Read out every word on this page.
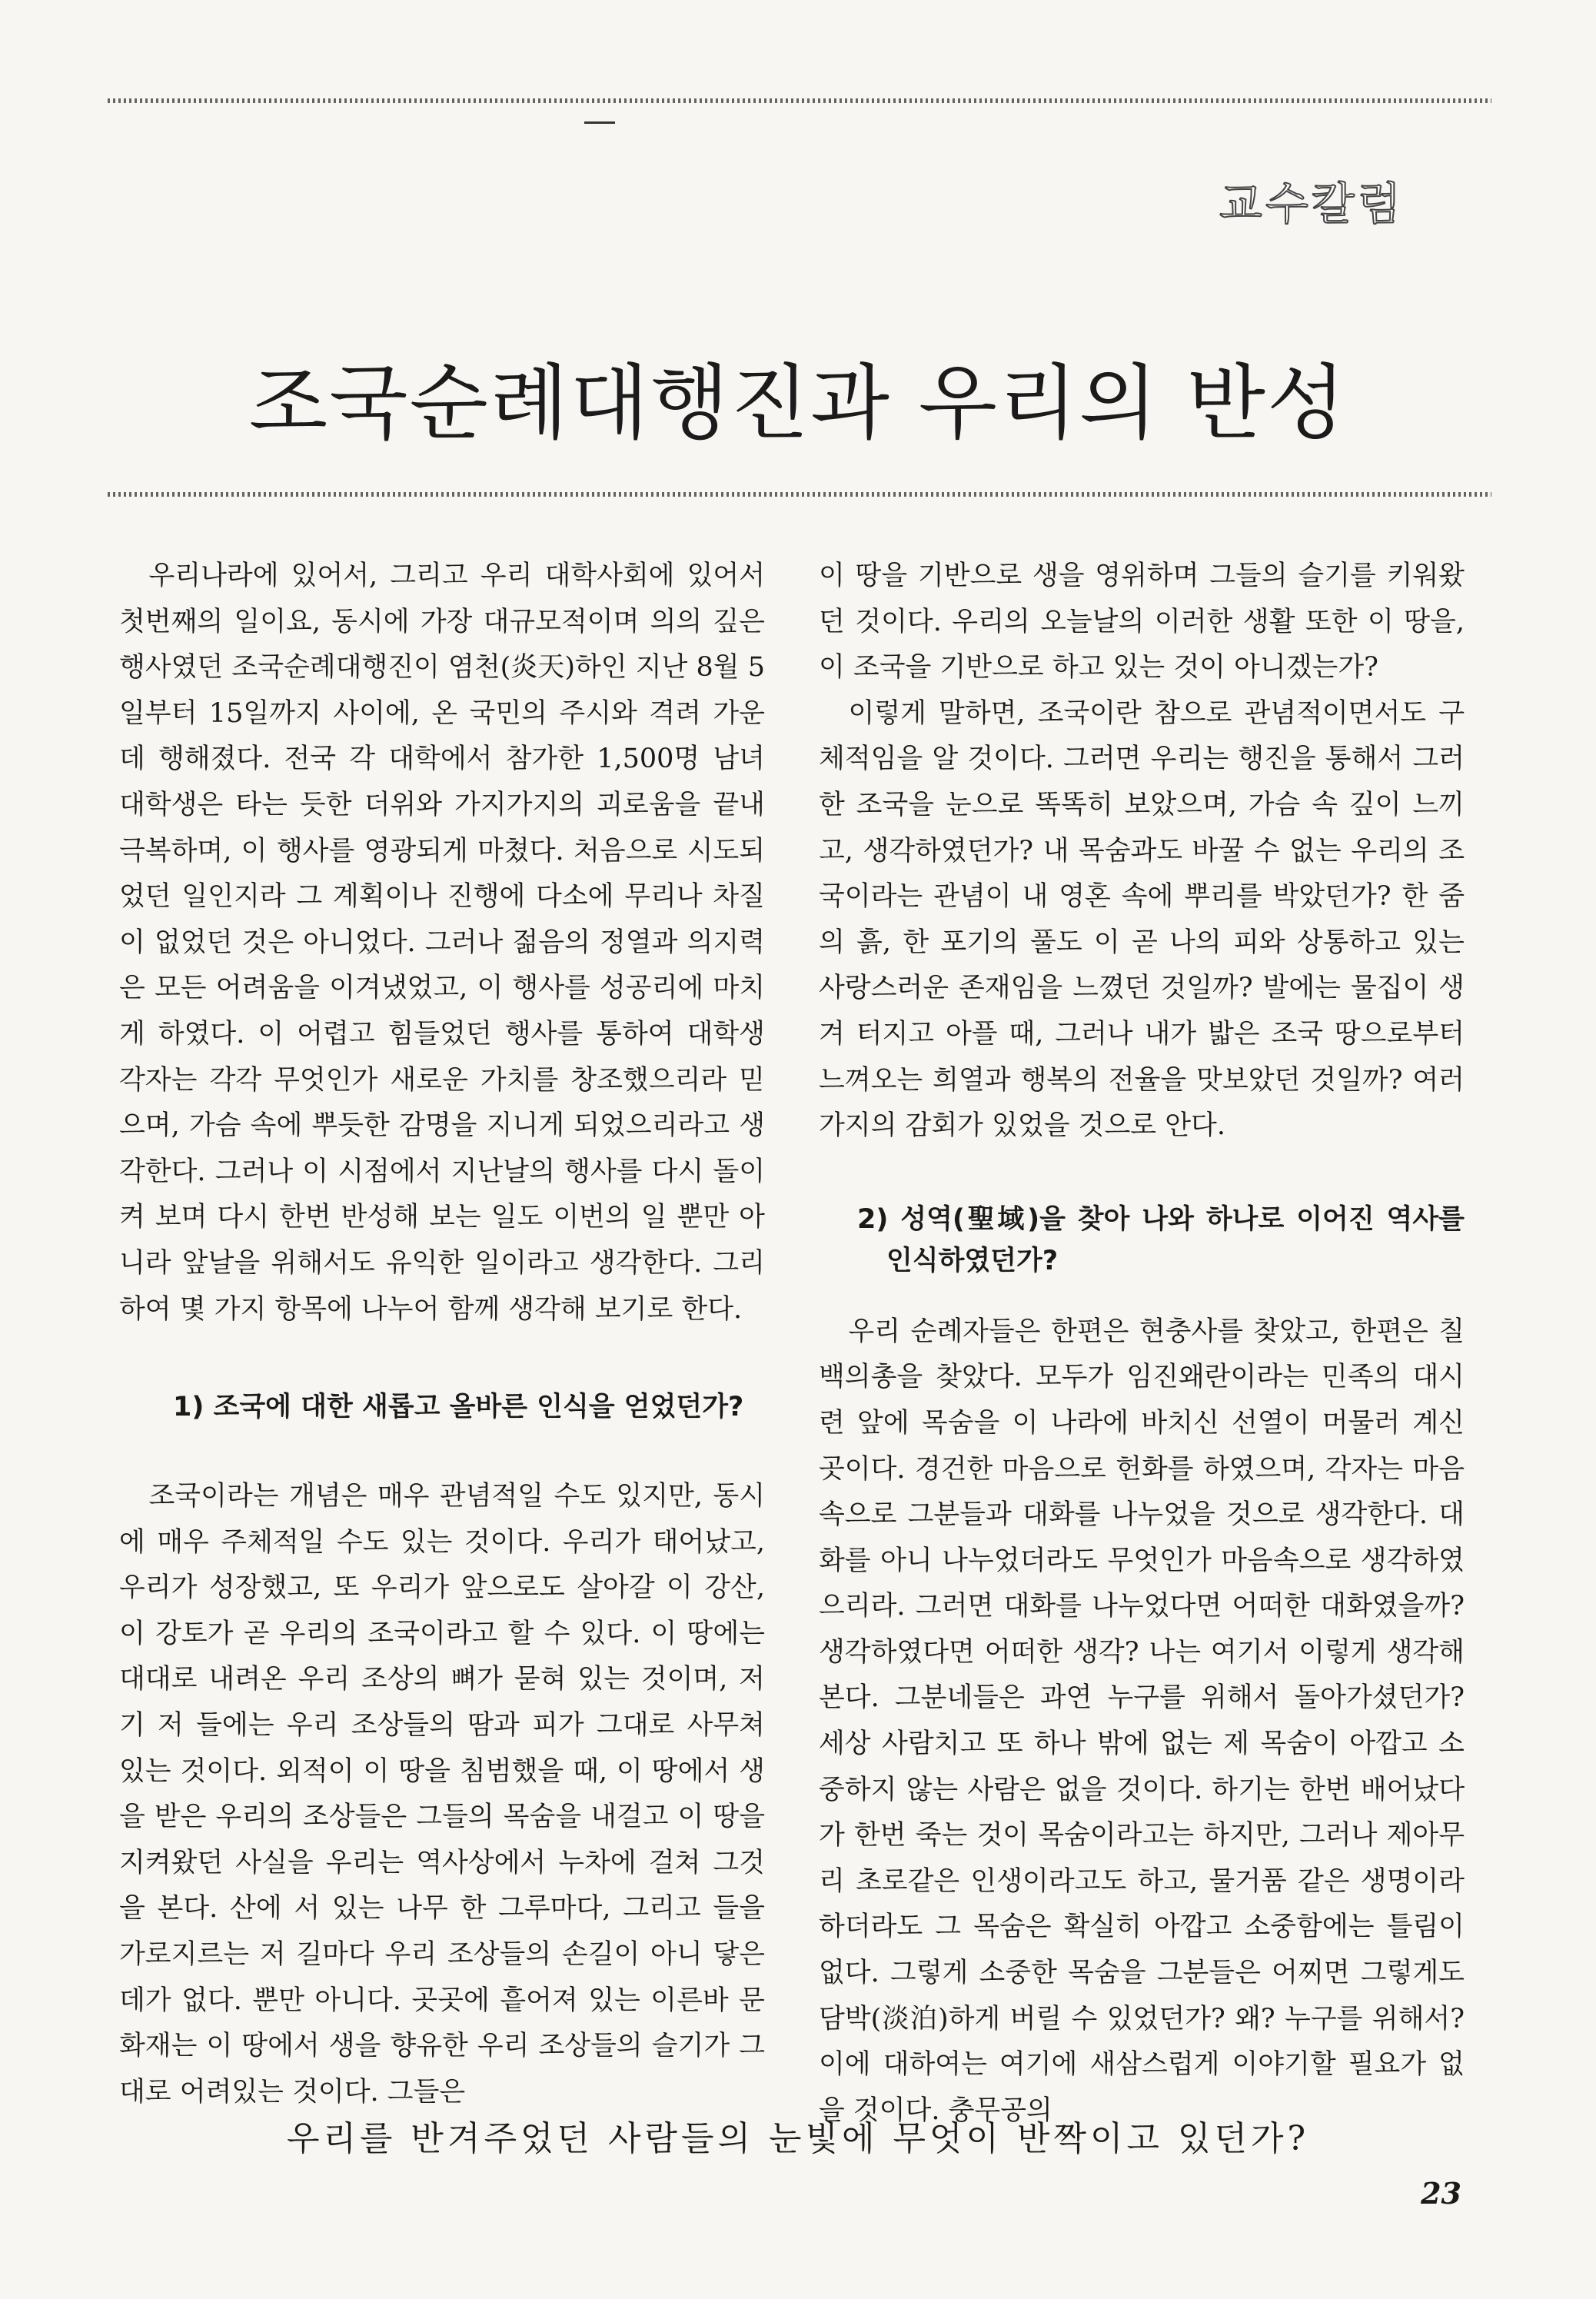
교수칼럼
조국순례대행진과 우리의 반성

우리나라에 있어서, 그리고 우리 대학사회에 있어서 첫번째의 일이요, 동시에 가장 대규모적이며 의의 깊은 행사였던 조국순례대행진이 염천(炎天)하인 지난 8월 5일부터 15일까지 사이에, 온 국민의 주시와 격려 가운데 행해졌다. 전국 각 대학에서 참가한 1,500명 남녀 대학생은 타는 듯한 더위와 가지가지의 괴로움을 끝내 극복하며, 이 행사를 영광되게 마쳤다. 처음으로 시도되었던 일인지라 그 계획이나 진행에 다소에 무리나 차질이 없었던 것은 아니었다. 그러나 젊음의 정열과 의지력은 모든 어려움을 이겨냈었고, 이 행사를 성공리에 마치게 하였다. 이 어렵고 힘들었던 행사를 통하여 대학생 각자는 각각 무엇인가 새로운 가치를 창조했으리라 믿으며, 가슴 속에 뿌듯한 감명을 지니게 되었으리라고 생각한다. 그러나 이 시점에서 지난날의 행사를 다시 돌이켜 보며 다시 한번 반성해 보는 일도 이번의 일 뿐만 아니라 앞날을 위해서도 유익한 일이라고 생각한다. 그리하여 몇 가지 항목에 나누어 함께 생각해 보기로 한다.

1) 조국에 대한 새롭고 올바른 인식을 얻었던가?

조국이라는 개념은 매우 관념적일 수도 있지만, 동시에 매우 주체적일 수도 있는 것이다. 우리가 태어났고, 우리가 성장했고, 또 우리가 앞으로도 살아갈 이 강산, 이 강토가 곧 우리의 조국이라고 할 수 있다. 이 땅에는 대대로 내려온 우리 조상의 뼈가 묻혀 있는 것이며, 저기 저 들에는 우리 조상들의 땀과 피가 그대로 사무쳐 있는 것이다. 외적이 이 땅을 침범했을 때, 이 땅에서 생을 받은 우리의 조상들은 그들의 목숨을 내걸고 이 땅을 지켜왔던 사실을 우리는 역사상에서 누차에 걸쳐 그것을 본다. 산에 서 있는 나무 한 그루마다, 그리고 들을 가로지르는 저 길마다 우리 조상들의 손길이 아니 닿은 데가 없다. 뿐만 아니다. 곳곳에 흩어져 있는 이른바 문화재는 이 땅에서 생을 향유한 우리 조상들의 슬기가 그대로 어려있는 것이다. 그들은

이 땅을 기반으로 생을 영위하며 그들의 슬기를 키워왔던 것이다. 우리의 오늘날의 이러한 생활 또한 이 땅을, 이 조국을 기반으로 하고 있는 것이 아니겠는가?

이렇게 말하면, 조국이란 참으로 관념적이면서도 구체적임을 알 것이다. 그러면 우리는 행진을 통해서 그러한 조국을 눈으로 똑똑히 보았으며, 가슴 속 깊이 느끼고, 생각하였던가? 내 목숨과도 바꿀 수 없는 우리의 조국이라는 관념이 내 영혼 속에 뿌리를 박았던가? 한 줌의 흙, 한 포기의 풀도 이 곧 나의 피와 상통하고 있는 사랑스러운 존재임을 느꼈던 것일까? 발에는 물집이 생겨 터지고 아플 때, 그러나 내가 밟은 조국 땅으로부터 느껴오는 희열과 행복의 전율을 맛보았던 것일까? 여러가지의 감회가 있었을 것으로 안다.

2) 성역(聖域)을 찾아 나와 하나로 이어진 역사를 인식하였던가?

우리 순례자들은 한편은 현충사를 찾았고, 한편은 칠백의총을 찾았다. 모두가 임진왜란이라는 민족의 대시련 앞에 목숨을 이 나라에 바치신 선열이 머물러 계신 곳이다. 경건한 마음으로 헌화를 하였으며, 각자는 마음속으로 그분들과 대화를 나누었을 것으로 생각한다. 대화를 아니 나누었더라도 무엇인가 마음속으로 생각하였으리라. 그러면 대화를 나누었다면 어떠한 대화였을까? 생각하였다면 어떠한 생각? 나는 여기서 이렇게 생각해 본다. 그분네들은 과연 누구를 위해서 돌아가셨던가? 세상 사람치고 또 하나 밖에 없는 제 목숨이 아깝고 소중하지 않는 사람은 없을 것이다. 하기는 한번 배어났다가 한번 죽는 것이 목숨이라고는 하지만, 그러나 제아무리 초로같은 인생이라고도 하고, 물거품 같은 생명이라 하더라도 그 목숨은 확실히 아깝고 소중함에는 틀림이 없다. 그렇게 소중한 목숨을 그분들은 어찌면 그렇게도 담박(淡泊)하게 버릴 수 있었던가? 왜? 누구를 위해서? 이에 대하여는 여기에 새삼스럽게 이야기할 필요가 없을 것이다. 충무공의

우리를 반겨주었던 사람들의 눈빛에 무엇이 반짝이고 있던가?
23
